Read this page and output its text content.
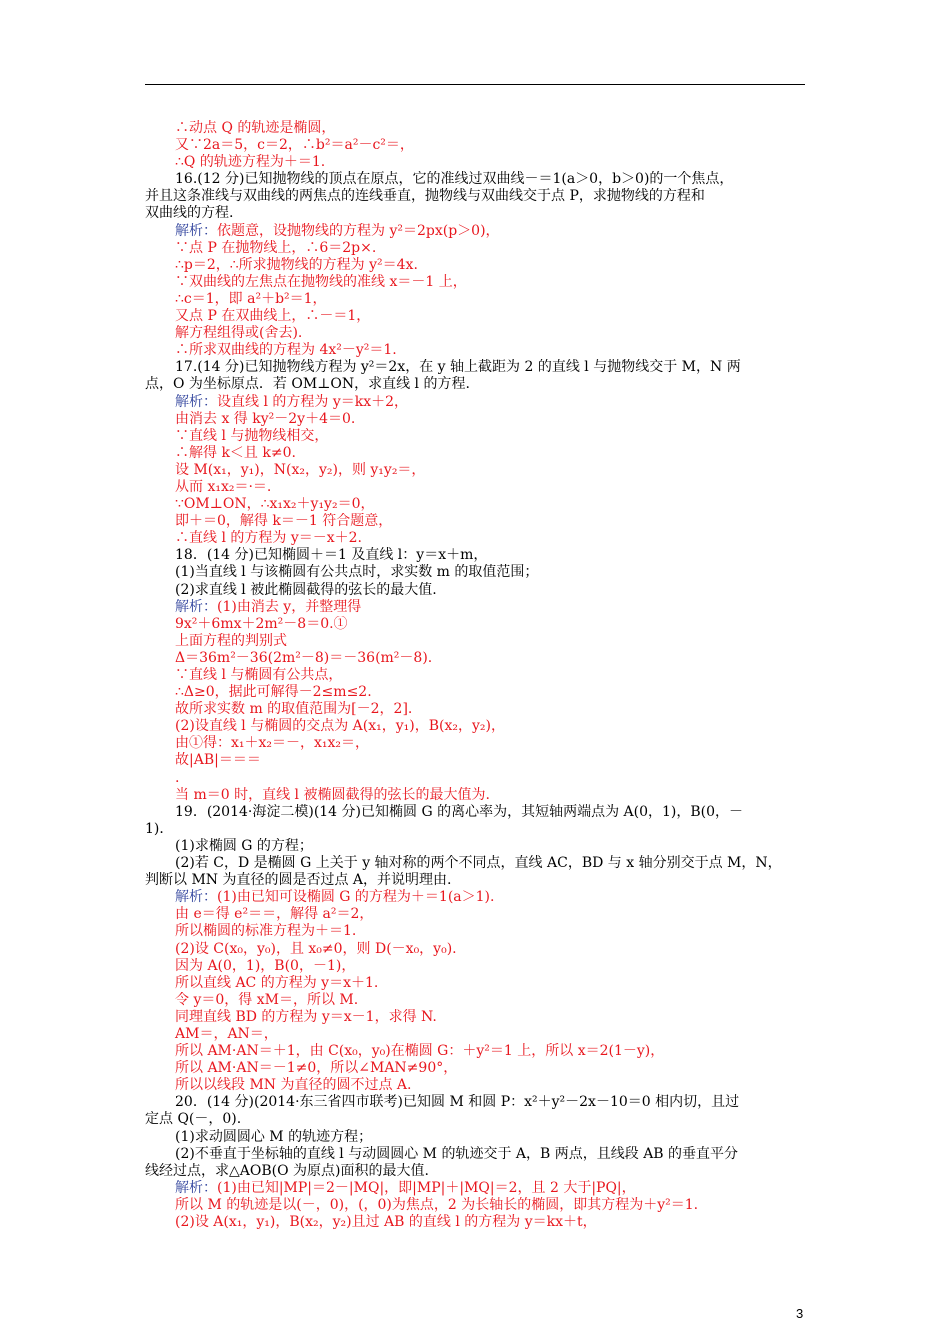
∴动点 Q 的轨迹是椭圆，
又∵2a＝5，c＝2，∴b²＝a²－c²＝，
∴Q 的轨迹方程为＋＝1.
16.(12 分)已知抛物线的顶点在原点，它的准线过双曲线－＝1(a＞0，b＞0)的一个焦点，
并且这条准线与双曲线的两焦点的连线垂直，抛物线与双曲线交于点 P，求抛物线的方程和
双曲线的方程.
解析：依题意，设抛物线的方程为 y²＝2px(p＞0)，
∵点 P 在抛物线上，∴6＝2p×.
∴p＝2，∴所求抛物线的方程为 y²＝4x.
∵双曲线的左焦点在抛物线的准线 x＝－1 上，
∴c＝1，即 a²＋b²＝1，
又点 P 在双曲线上，∴－＝1，
解方程组得或(舍去).
∴所求双曲线的方程为 4x²－y²＝1.
17.(14 分)已知抛物线方程为 y²＝2x，在 y 轴上截距为 2 的直线 l 与抛物线交于 M，N 两
点，O 为坐标原点．若 OM⊥ON，求直线 l 的方程.
解析：设直线 l 的方程为 y＝kx＋2，
由消去 x 得 ky²－2y＋4＝0.
∵直线 l 与抛物线相交，
∴解得 k＜且 k≠0.
设 M(x₁，y₁)，N(x₂，y₂)，则 y₁y₂＝，
从而 x₁x₂＝·＝.
∵OM⊥ON，∴x₁x₂＋y₁y₂＝0，
即＋＝0，解得 k＝－1 符合题意，
∴直线 l 的方程为 y＝－x＋2.
18．(14 分)已知椭圆＋＝1 及直线 l：y＝x＋m，
(1)当直线 l 与该椭圆有公共点时，求实数 m 的取值范围；
(2)求直线 l 被此椭圆截得的弦长的最大值.
解析：(1)由消去 y，并整理得
9x²＋6mx＋2m²－8＝0.①
上面方程的判别式
Δ＝36m²－36(2m²－8)＝－36(m²－8).
∵直线 l 与椭圆有公共点，
∴Δ≥0，据此可解得－2≤m≤2.
故所求实数 m 的取值范围为[－2，2].
(2)设直线 l 与椭圆的交点为 A(x₁，y₁)，B(x₂，y₂)，
由①得：x₁＋x₂＝－，x₁x₂＝，
故|AB|＝＝＝
.
当 m＝0 时，直线 l 被椭圆截得的弦长的最大值为.
19．(2014·海淀二模)(14 分)已知椭圆 G 的离心率为，其短轴两端点为 A(0，1)，B(0，－
1)．
(1)求椭圆 G 的方程；
(2)若 C，D 是椭圆 G 上关于 y 轴对称的两个不同点，直线 AC，BD 与 x 轴分别交于点 M，N，
判断以 MN 为直径的圆是否过点 A，并说明理由.
解析：(1)由已知可设椭圆 G 的方程为＋＝1(a＞1).
由 e＝得 e²＝＝，解得 a²＝2，
所以椭圆的标准方程为＋＝1.
(2)设 C(x₀，y₀)，且 x₀≠0，则 D(－x₀，y₀).
因为 A(0，1)，B(0，－1)，
所以直线 AC 的方程为 y＝x＋1.
令 y＝0，得 xM＝，所以 M.
同理直线 BD 的方程为 y＝x－1，求得 N.
AM＝，AN＝，
所以 AM·AN＝＋1，由 C(x₀，y₀)在椭圆 G：＋y²＝1 上，所以 x＝2(1－y)，
所以 AM·AN＝－1≠0，所以∠MAN≠90°，
所以以线段 MN 为直径的圆不过点 A.
20．(14 分)(2014·东三省四市联考)已知圆 M 和圆 P：x²＋y²－2x－10＝0 相内切，且过
定点 Q(－，0).
(1)求动圆圆心 M 的轨迹方程；
(2)不垂直于坐标轴的直线 l 与动圆圆心 M 的轨迹交于 A，B 两点，且线段 AB 的垂直平分
线经过点，求△AOB(O 为原点)面积的最大值.
解析：(1)由已知|MP|＝2－|MQ|，即|MP|＋|MQ|＝2，且 2 大于|PQ|，
所以 M 的轨迹是以(－，0)，(，0)为焦点，2 为长轴长的椭圆，即其方程为＋y²＝1.
(2)设 A(x₁，y₁)，B(x₂，y₂)且过 AB 的直线 l 的方程为 y＝kx＋t，
3
